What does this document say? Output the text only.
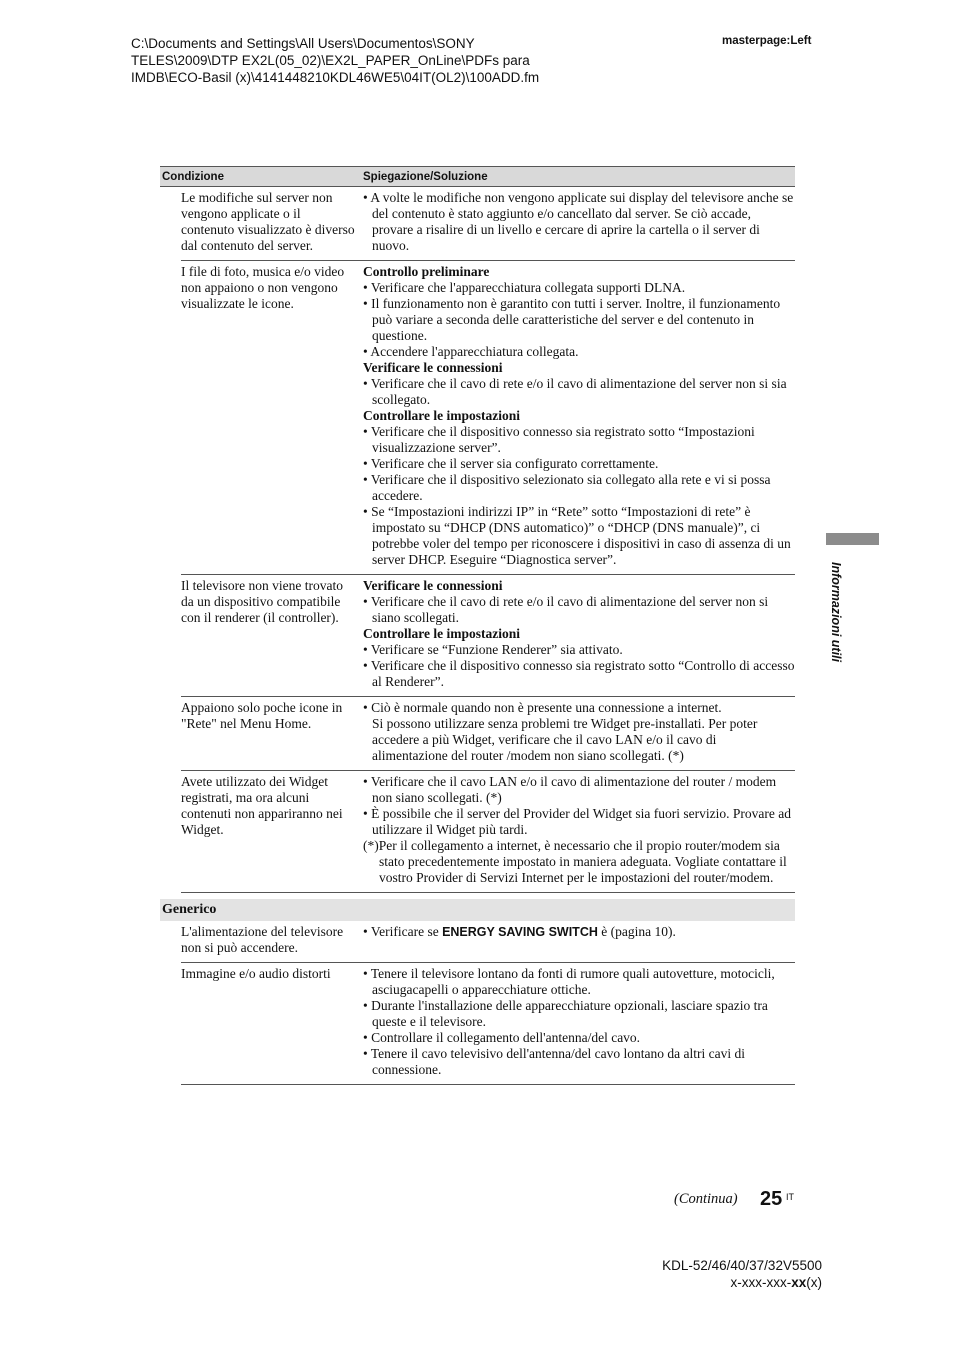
C:\Documents and Settings\All Users\Documentos\SONY
TELES\2009\DTP EX2L(05_02)\EX2L_PAPER_OnLine\PDFs para
IMDB\ECO-Basil (x)\4141448210KDL46WE5\04IT(OL2)\100ADD.fm
masterpage:Left
Condizione	Spiegazione/Soluzione
Le modifiche sul server non vengono applicate o il contenuto visualizzato è diverso dal contenuto del server.
• A volte le modifiche non vengono applicate sui display del televisore anche se del contenuto è stato aggiunto e/o cancellato dal server. Se ciò accade, provare a risalire di un livello e cercare di aprire la cartella o il server di nuovo.
I file di foto, musica e/o video non appaiono o non vengono visualizzate le icone.
Controllo preliminare
• Verificare che l'apparecchiatura collegata supporti DLNA.
• Il funzionamento non è garantito con tutti i server. Inoltre, il funzionamento può variare a seconda delle caratteristiche del server e del contenuto in questione.
• Accendere l'apparecchiatura collegata.
Verificare le connessioni
• Verificare che il cavo di rete e/o il cavo di alimentazione del server non si sia scollegato.
Controllare le impostazioni
• Verificare che il dispositivo connesso sia registrato sotto “Impostazioni visualizzazione server”.
• Verificare che il server sia configurato correttamente.
• Verificare che il dispositivo selezionato sia collegato alla rete e vi si possa accedere.
• Se “Impostazioni indirizzi IP” in “Rete” sotto “Impostazioni di rete” è impostato su “DHCP (DNS automatico)” o “DHCP (DNS manuale)”, ci potrebbe voler del tempo per riconoscere i dispositivi in caso di assenza di un server DHCP. Eseguire “Diagnostica server”.
Il televisore non viene trovato da un dispositivo compatibile con il renderer (il controller).
Verificare le connessioni
• Verificare che il cavo di rete e/o il cavo di alimentazione del server non si siano scollegati.
Controllare le impostazioni
• Verificare se “Funzione Renderer” sia attivato.
• Verificare che il dispositivo connesso sia registrato sotto “Controllo di accesso al Renderer”.
Appaiono solo poche icone in "Rete" nel Menu Home.
• Ciò è normale quando non è presente una connessione a internet.
Si possono utilizzare senza problemi tre Widget pre-installati. Per poter accedere a più Widget, verificare che il cavo LAN e/o il cavo di alimentazione del router /modem non siano scollegati. (*)
Avete utilizzato dei Widget registrati, ma ora alcuni contenuti non appariranno nei Widget.
• Verificare che il cavo LAN e/o il cavo di alimentazione del router / modem non siano scollegati. (*)
• È possibile che il server del Provider del Widget sia fuori servizio. Provare ad utilizzare il Widget più tardi.
(*)Per il collegamento a internet, è necessario che il propio router/modem sia stato precedentemente impostato in maniera adeguata. Vogliate contattare il vostro Provider di Servizi Internet per le impostazioni del router/modem.
Generico
L'alimentazione del televisore non si può accendere.
• Verificare se ENERGY SAVING SWITCH è (pagina 10).
Immagine e/o audio distorti	• Tenere il televisore lontano da fonti di rumore quali autovetture, motocicli, asciugacapelli o apparecchiature ottiche.
• Durante l'installazione delle apparecchiature opzionali, lasciare spazio tra queste e il televisore.
• Controllare il collegamento dell'antenna/del cavo.
• Tenere il cavo televisivo dell'antenna/del cavo lontano da altri cavi di connessione.
Informazioni utili
(Continua) 25 IT
KDL-52/46/40/37/32V5500
x-xxx-xxx-xx(x)
